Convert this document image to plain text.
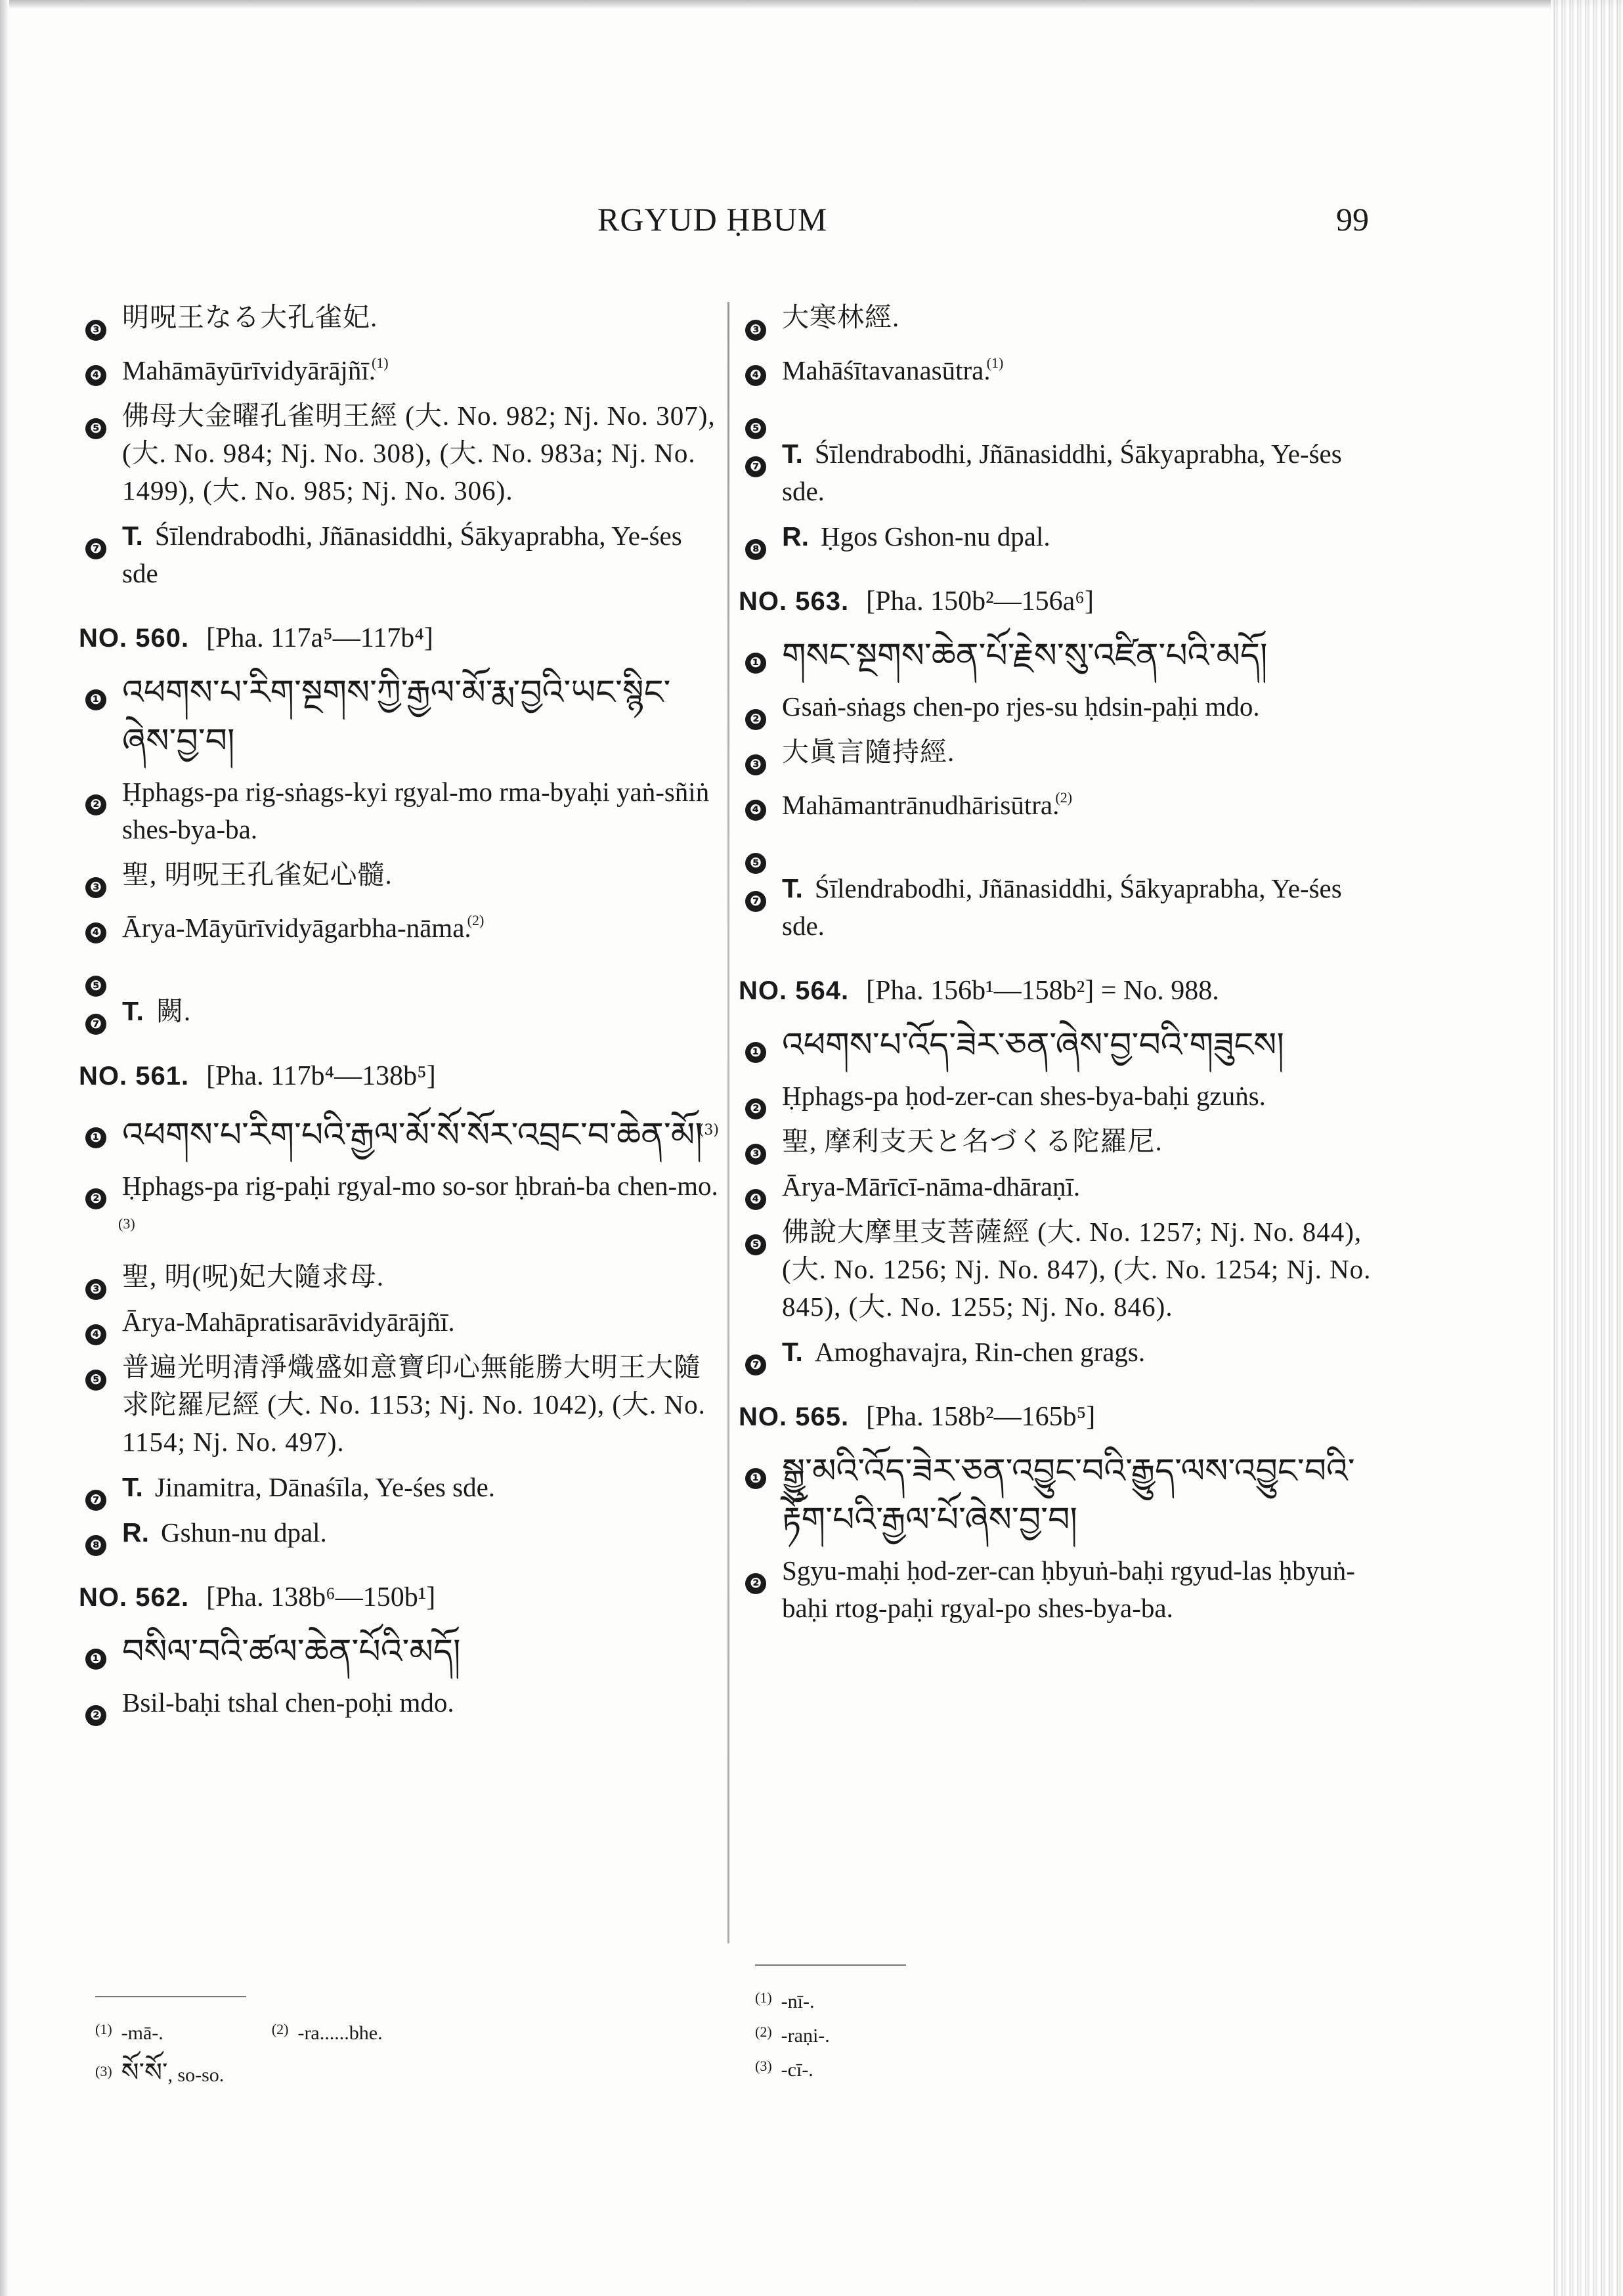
RGYUD ḤBUM	99
❸ 明呪王なる大孔雀妃.
❹ Mahāmāyūrīvidyārājñī.$^{(1)}$
❺ 佛母大金曜孔雀明王經 (大. No. 982; Nj. No. 307), (大. No. 984; Nj. No. 308), (大. No. 983a; Nj. No. 1499), (大. No. 985; Nj. No. 306).
❼ T. Śīlendrabodhi, Jñānasiddhi, Śākyaprabha, Ye-śes sde
NO. 560. [Pha. 117a⁵—117b⁴]
❶ འཕགས་པ་རིག་སྔགས་ཀྱི་རྒྱལ་མོ་རྨ་བྱའི་ཡང་སྙིང་ཞེས་བྱ་བ།
❷ Ḥphags-pa rig-sṅags-kyi rgyal-mo rma-byaḥi yaṅ-sñiṅ shes-bya-ba.
❸ 聖, 明呪王孔雀妃心髓.
❹ Ārya-Māyūrīvidyāgarbha-nāma.$^{(2)}$
❺
❼ T. 闕.
NO. 561. [Pha. 117b⁴—138b⁵]
❶ འཕགས་པ་རིག་པའི་རྒྱལ་མོ་སོ་སོར་འབྲང་བ་ཆེན་མོ།$^{(3)}$
❷ Ḥphags-pa rig-paḥi rgyal-mo so-sor ḥbraṅ-ba chen-mo.$^{(3)}$
❸ 聖, 明(呪)妃大隨求母.
❹ Ārya-Mahāpratisarāvidyārājñī.
❺ 普遍光明清淨熾盛如意寶印心無能勝大明王大隨求陀羅尼經 (大. No. 1153; Nj. No. 1042), (大. No. 1154; Nj. No. 497).
❼ T. Jinamitra, Dānaśīla, Ye-śes sde.
❽ R. Gshun-nu dpal.
NO. 562. [Pha. 138b⁶—150b¹]
❶ བསིལ་བའི་ཚལ་ཆེན་པོའི་མདོ།
❷ Bsil-baḥi tshal chen-poḥi mdo.
$^{(1)}$ -mā-.	$^{(2)}$ -ra......bhe.
$^{(3)}$ སོ་སོ་, so-so.
❸ 大寒林經.
❹ Mahāśītavanasūtra.$^{(1)}$
❺
❼ T. Śīlendrabodhi, Jñānasiddhi, Śākyaprabha, Ye-śes sde.
❽ R. Ḥgos Gshon-nu dpal.
NO. 563. [Pha. 150b²—156a⁶]
❶ གསང་སྔགས་ཆེན་པོ་རྗེས་སུ་འཛིན་པའི་མདོ།
❷ Gsaṅ-sṅags chen-po rjes-su ḥdsin-paḥi mdo.
❸ 大眞言隨持經.
❹ Mahāmantrānudhārisūtra.$^{(2)}$
❺
❼ T. Śīlendrabodhi, Jñānasiddhi, Śākyaprabha, Ye-śes sde.
NO. 564. [Pha. 156b¹—158b²] = No. 988.
❶ འཕགས་པ་འོད་ཟེར་ཅན་ཞེས་བྱ་བའི་གཟུངས།
❷ Ḥphags-pa ḥod-zer-can shes-bya-baḥi gzuṅs.
❸ 聖, 摩利支天と名づくる陀羅尼.
❹ Ārya-Mārīcī-nāma-dhāraṇī.
❺ 佛說大摩里支菩薩經 (大. No. 1257; Nj. No. 844), (大. No. 1256; Nj. No. 847), (大. No. 1254; Nj. No. 845), (大. No. 1255; Nj. No. 846).
❼ T. Amoghavajra, Rin-chen grags.
NO. 565. [Pha. 158b²—165b⁵]
❶ སྒྱུ་མའི་འོད་ཟེར་ཅན་འབྱུང་བའི་རྒྱུད་ལས་འབྱུང་བའི་རྟོག་པའི་རྒྱལ་པོ་ཞེས་བྱ་བ།
❷ Sgyu-maḥi ḥod-zer-can ḥbyuṅ-baḥi rgyud-las ḥbyuṅ-baḥi rtog-paḥi rgyal-po shes-bya-ba.
$^{(1)}$ -nī-.
$^{(2)}$ -raṇi-.
$^{(3)}$ -cī-.
